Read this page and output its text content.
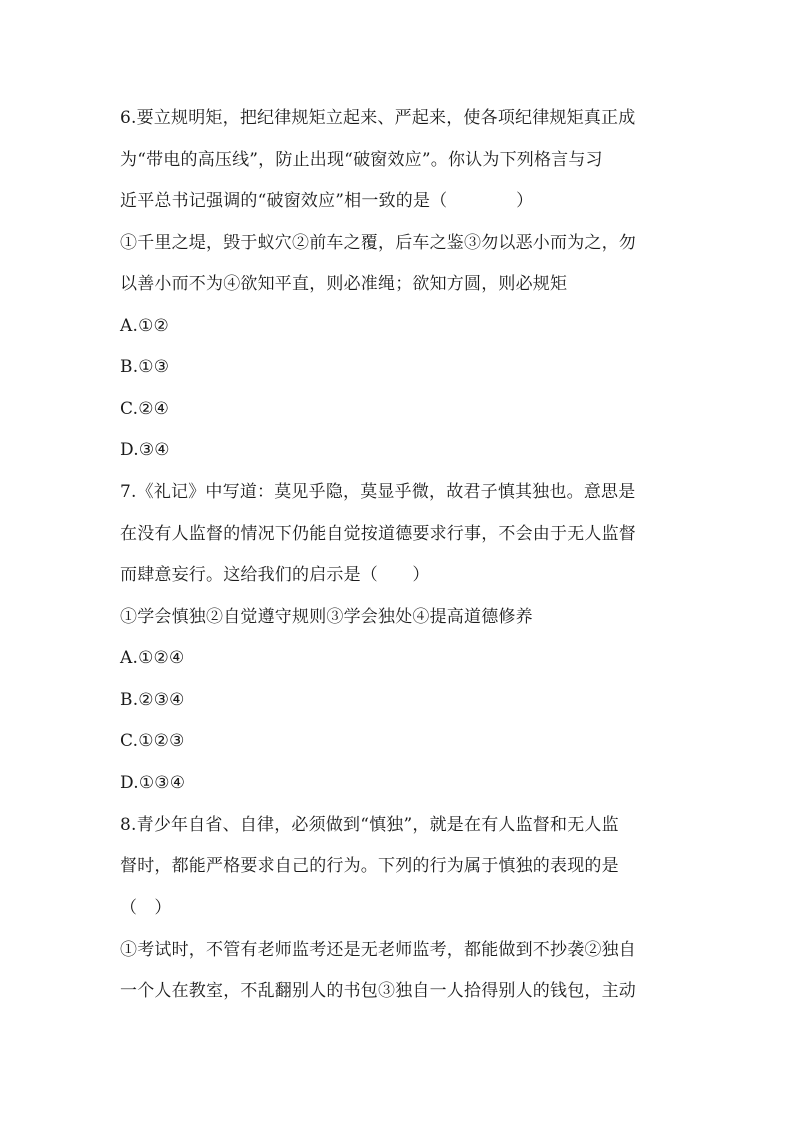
6.要立规明矩，把纪律规矩立起来、严起来，使各项纪律规矩真正成
为“带电的高压线”，防止出现“破窗效应”。你认为下列格言与习
近平总书记强调的“破窗效应”相一致的是（　　　　）
①千里之堤，毁于蚁穴②前车之覆，后车之鉴③勿以恶小而为之，勿
以善小而不为④欲知平直，则必准绳；欲知方圆，则必规矩
A.①②
B.①③
C.②④
D.③④
7.《礼记》中写道：莫见乎隐，莫显乎微，故君子慎其独也。意思是
在没有人监督的情况下仍能自觉按道德要求行事，不会由于无人监督
而肆意妄行。这给我们的启示是（　　）
①学会慎独②自觉遵守规则③学会独处④提高道德修养
A.①②④
B.②③④
C.①②③
D.①③④
8.青少年自省、自律，必须做到“慎独”，就是在有人监督和无人监
督时，都能严格要求自己的行为。下列的行为属于慎独的表现的是
（　）
①考试时，不管有老师监考还是无老师监考，都能做到不抄袭②独自
一个人在教室，不乱翻别人的书包③独自一人拾得别人的钱包，主动
